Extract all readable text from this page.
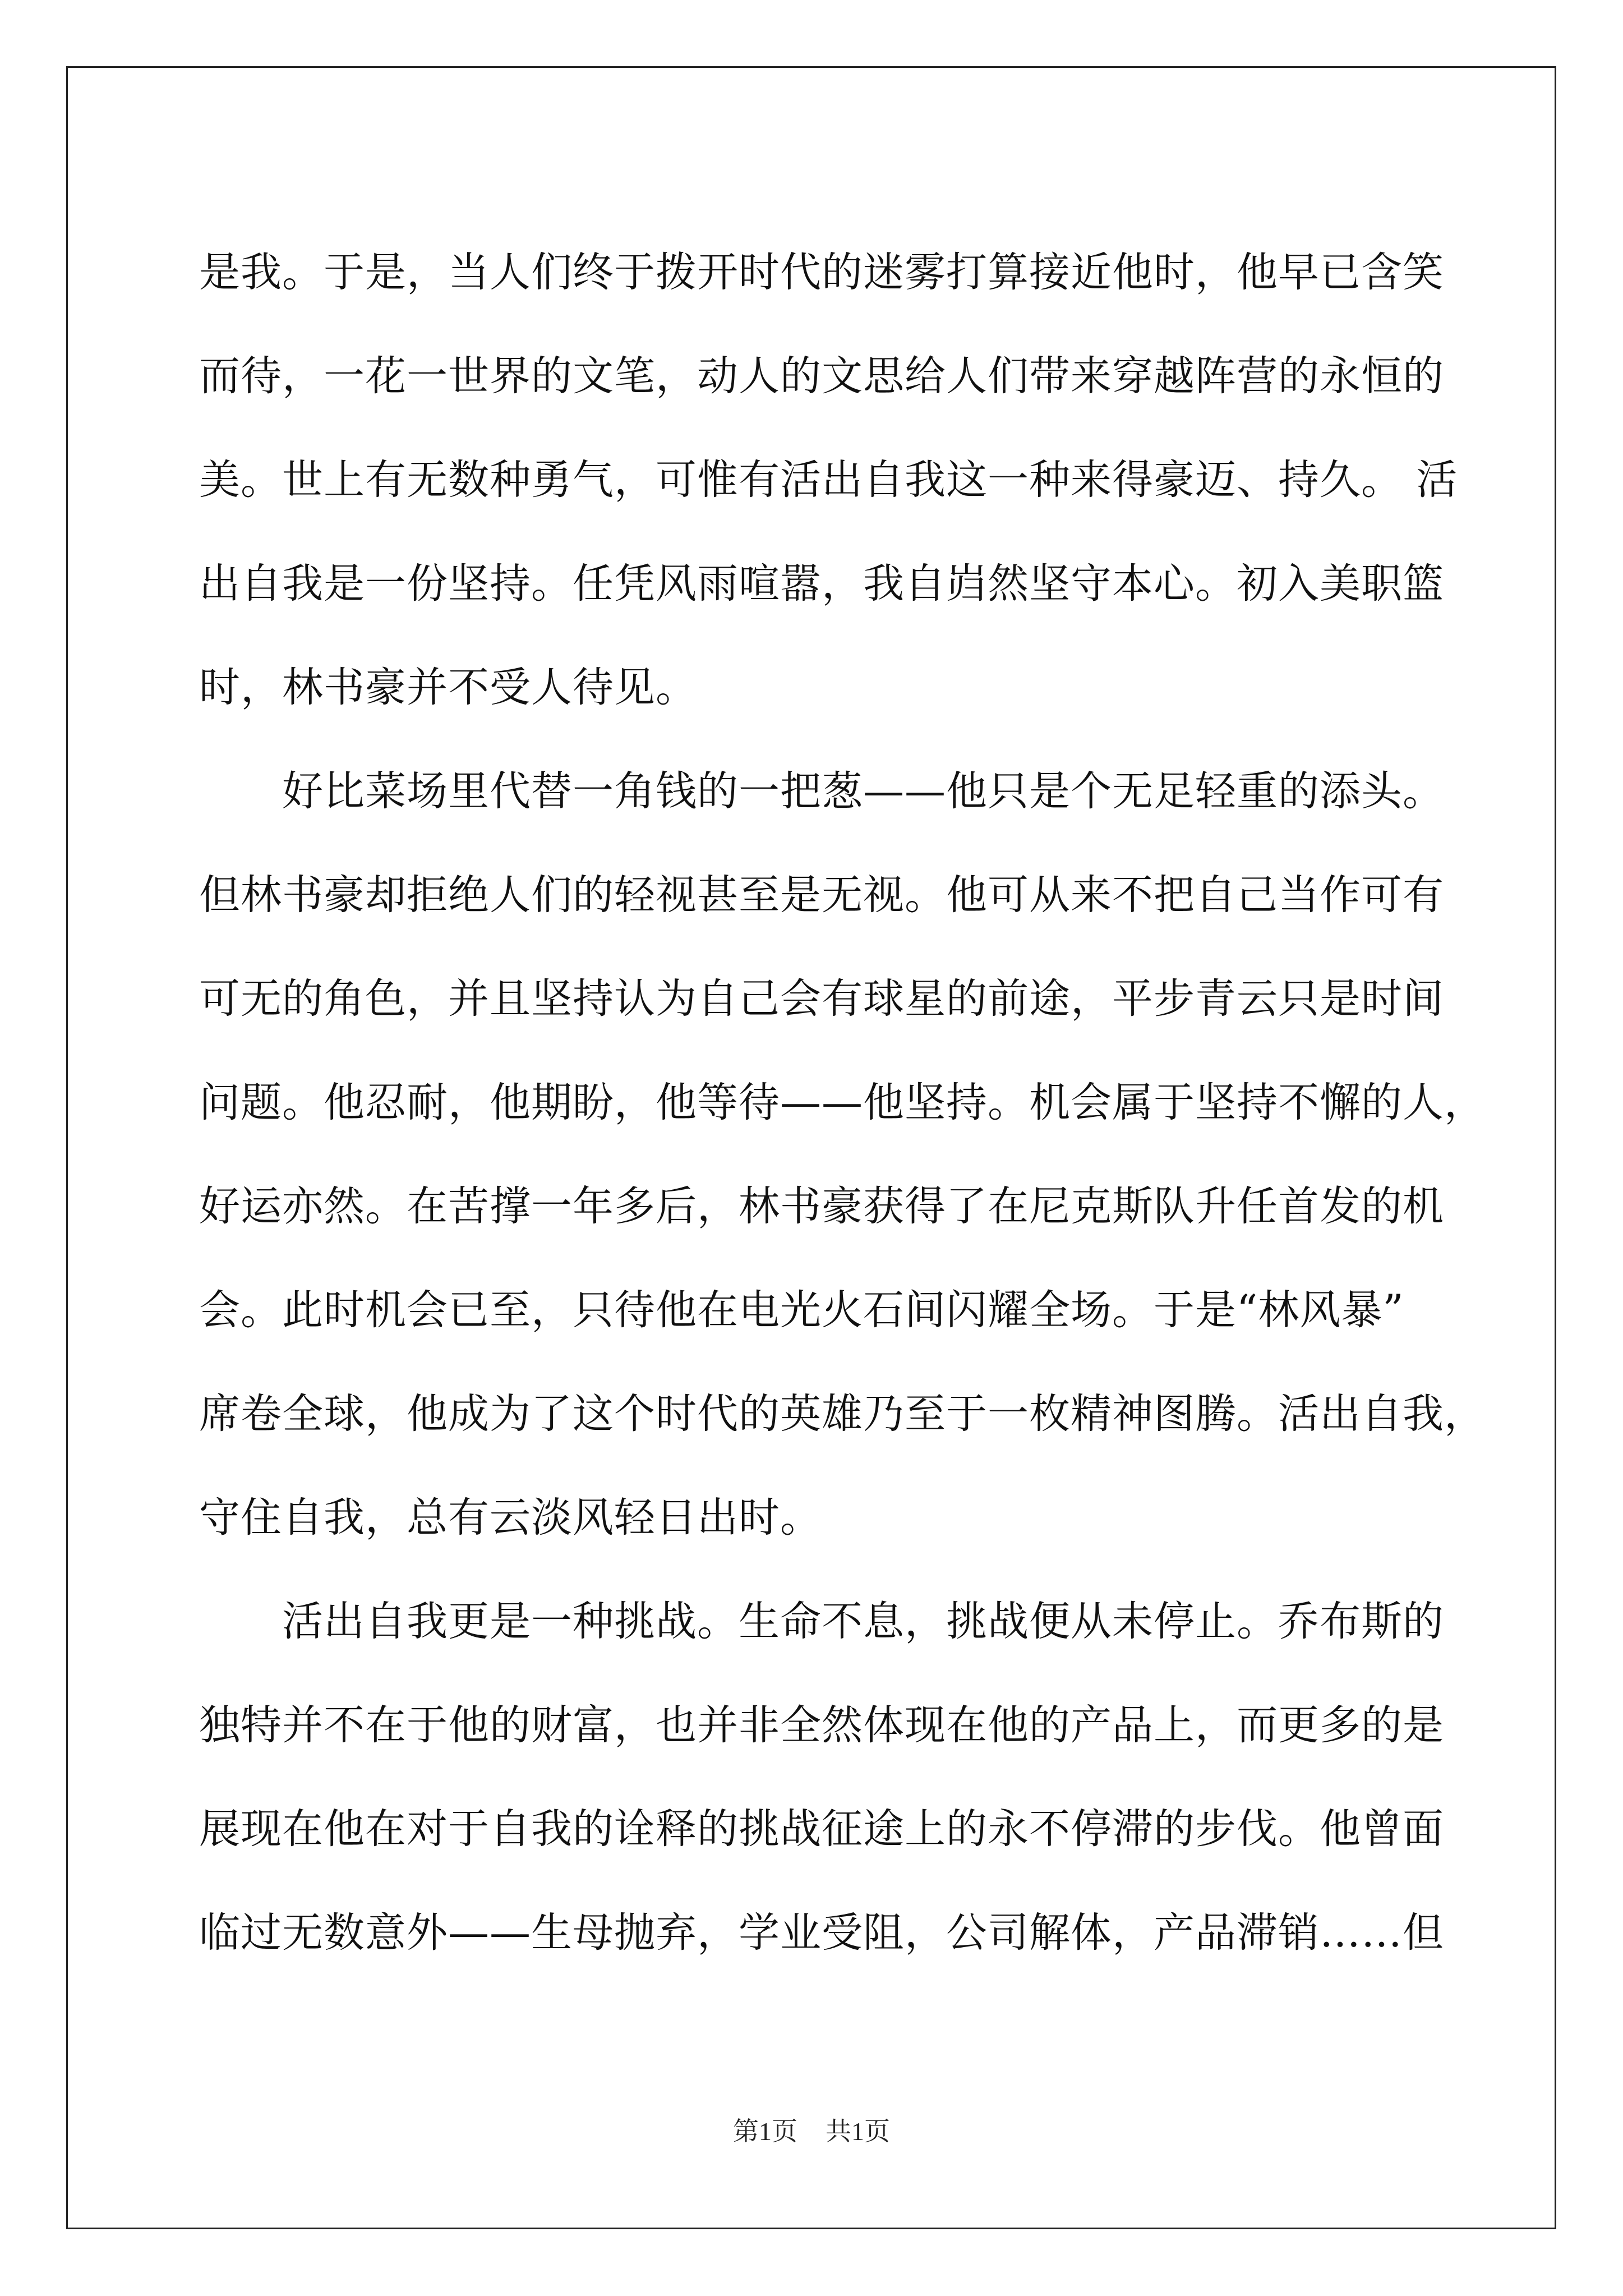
是我。于是，当人们终于拨开时代的迷雾打算接近他时，他早已含笑
而待，一花一世界的文笔，动人的文思给人们带来穿越阵营的永恒的
美。世上有无数种勇气，可惟有活出自我这一种来得豪迈、持久。 活
出自我是一份坚持。任凭风雨喧嚣，我自岿然坚守本心。初入美职篮
时，林书豪并不受人待见。
　　好比菜场里代替一角钱的一把葱——他只是个无足轻重的添头。
但林书豪却拒绝人们的轻视甚至是无视。他可从来不把自己当作可有
可无的角色，并且坚持认为自己会有球星的前途，平步青云只是时间
问题。他忍耐，他期盼，他等待——他坚持。机会属于坚持不懈的人，
好运亦然。在苦撑一年多后，林书豪获得了在尼克斯队升任首发的机
会。此时机会已至，只待他在电光火石间闪耀全场。于是“林风暴”
席卷全球，他成为了这个时代的英雄乃至于一枚精神图腾。活出自我，
守住自我，总有云淡风轻日出时。
　　活出自我更是一种挑战。生命不息，挑战便从未停止。乔布斯的
独特并不在于他的财富，也并非全然体现在他的产品上，而更多的是
展现在他在对于自我的诠释的挑战征途上的永不停滞的步伐。他曾面
临过无数意外——生母抛弃，学业受阻，公司解体，产品滞销……但
第1页 共1页
